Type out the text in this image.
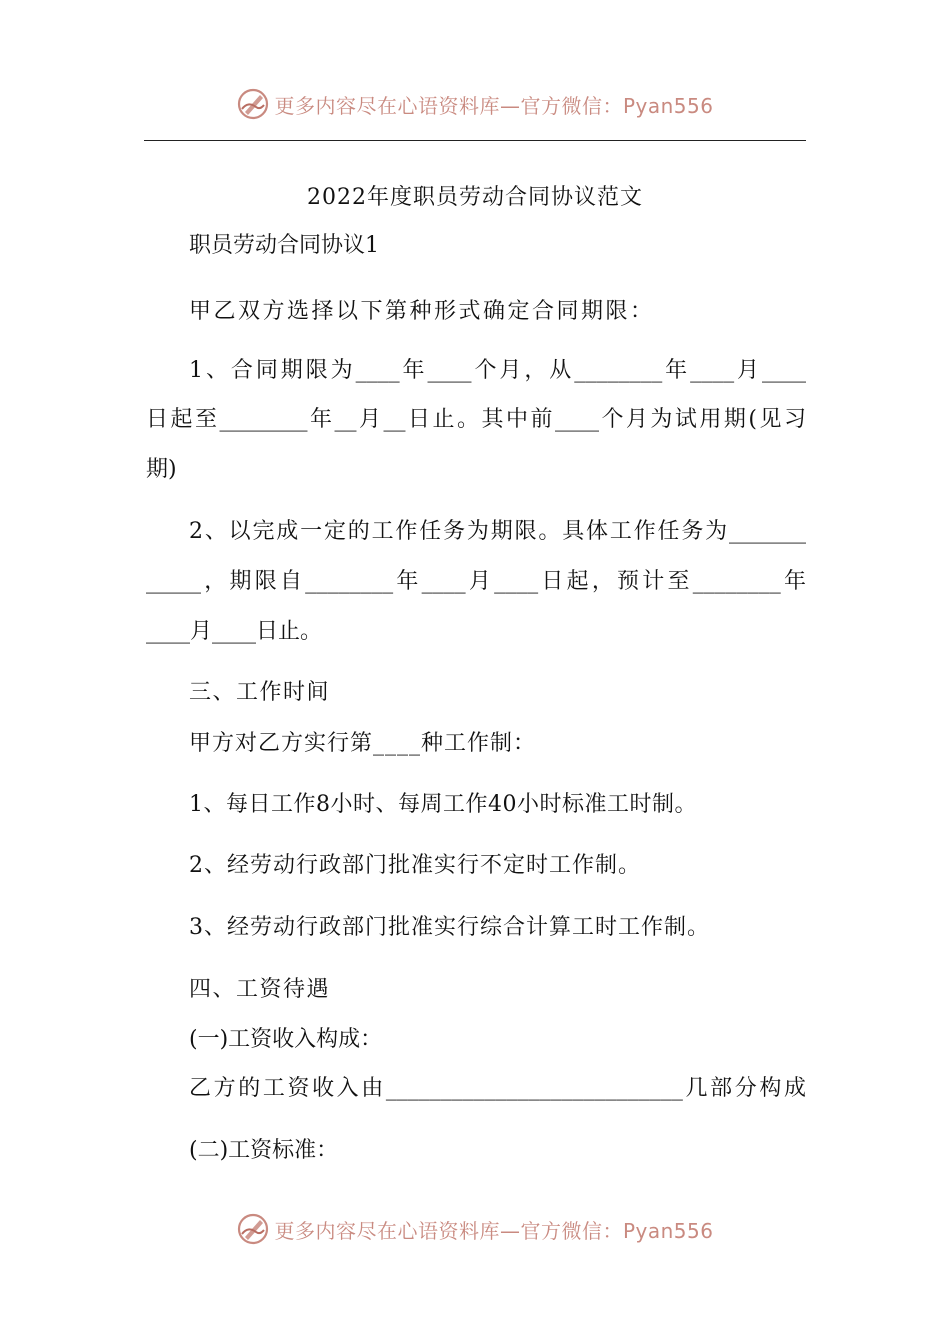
更多内容尽在心语资料库—官方微信：Pyan556
2022年度职员劳动合同协议范文
职员劳动合同协议1
甲乙双方选择以下第种形式确定合同期限：
1、合同期限为____年____个月，从________年____月____
日起至________年__月__日止。其中前____个月为试用期(见习
期)
2、以完成一定的工作任务为期限。具体工作任务为_______
_____，期限自________年____月____日起，预计至________年
____月____日止。
三、工作时间
甲方对乙方实行第____种工作制：
1、每日工作8小时、每周工作40小时标准工时制。
2、经劳动行政部门批准实行不定时工作制。
3、经劳动行政部门批准实行综合计算工时工作制。
四、工资待遇
(一)工资收入构成：
乙方的工资收入由___________________________几部分构成
(二)工资标准：
更多内容尽在心语资料库—官方微信：Pyan556
